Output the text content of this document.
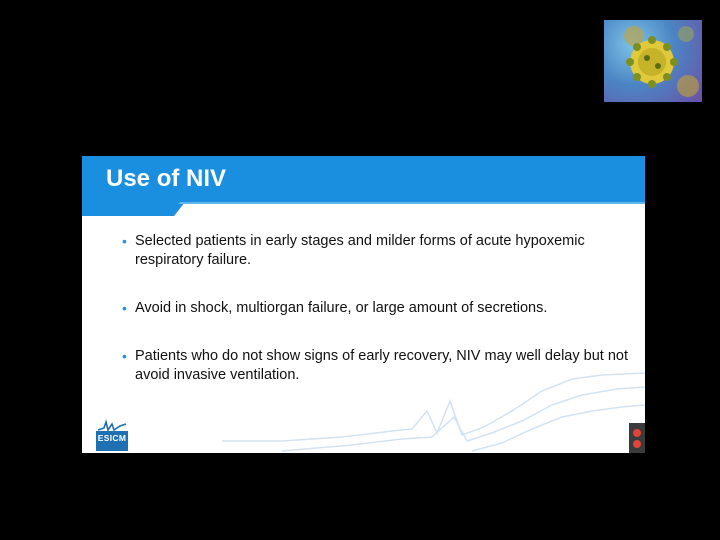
Use of NIV
• Selected patients in early stages and milder forms of acute hypoxemic respiratory failure.
• Avoid in shock, multiorgan failure, or large amount of secretions.
• Patients who do not show signs of early recovery, NIV may well delay but not avoid invasive ventilation.
ESICM
